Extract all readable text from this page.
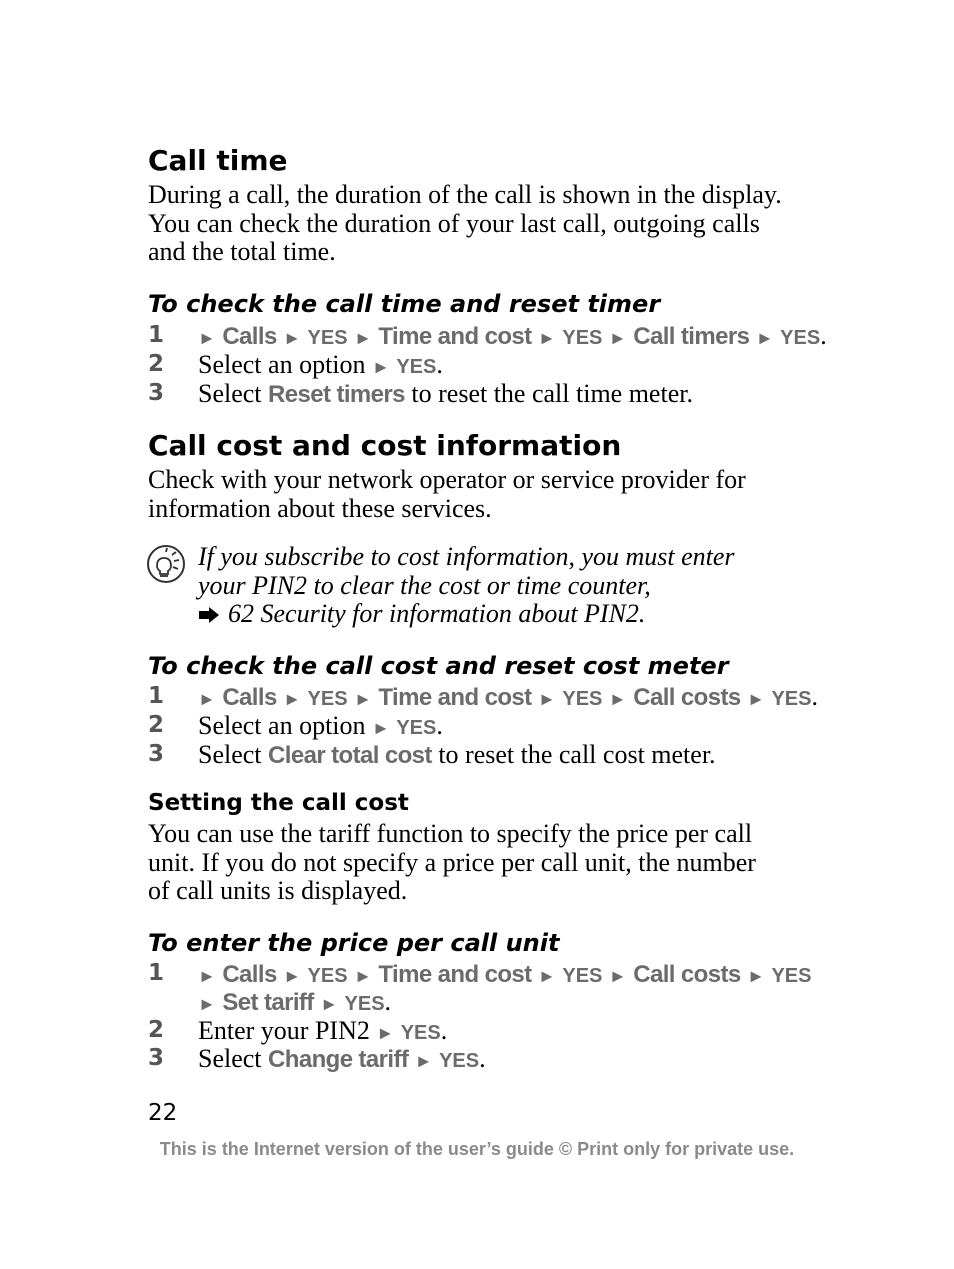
Call time
During a call, the duration of the call is shown in the display.
You can check the duration of your last call, outgoing calls
and the total time.
To check the call time and reset timer
1 ► Calls ► YES ► Time and cost ► YES ► Call timers ► YES.
2 Select an option ► YES.
3 Select Reset timers to reset the call time meter.
Call cost and cost information
Check with your network operator or service provider for
information about these services.
If you subscribe to cost information, you must enter
your PIN2 to clear the cost or time counter,
62 Security for information about PIN2.
To check the call cost and reset cost meter
1 ► Calls ► YES ► Time and cost ► YES ► Call costs ► YES.
2 Select an option ► YES.
3 Select Clear total cost to reset the call cost meter.
Setting the call cost
You can use the tariff function to specify the price per call
unit. If you do not specify a price per call unit, the number
of call units is displayed.
To enter the price per call unit
1 ► Calls ► YES ► Time and cost ► YES ► Call costs ► YES
► Set tariff ► YES.
2 Enter your PIN2 ► YES.
3 Select Change tariff ► YES.
22
This is the Internet version of the user’s guide © Print only for private use.
